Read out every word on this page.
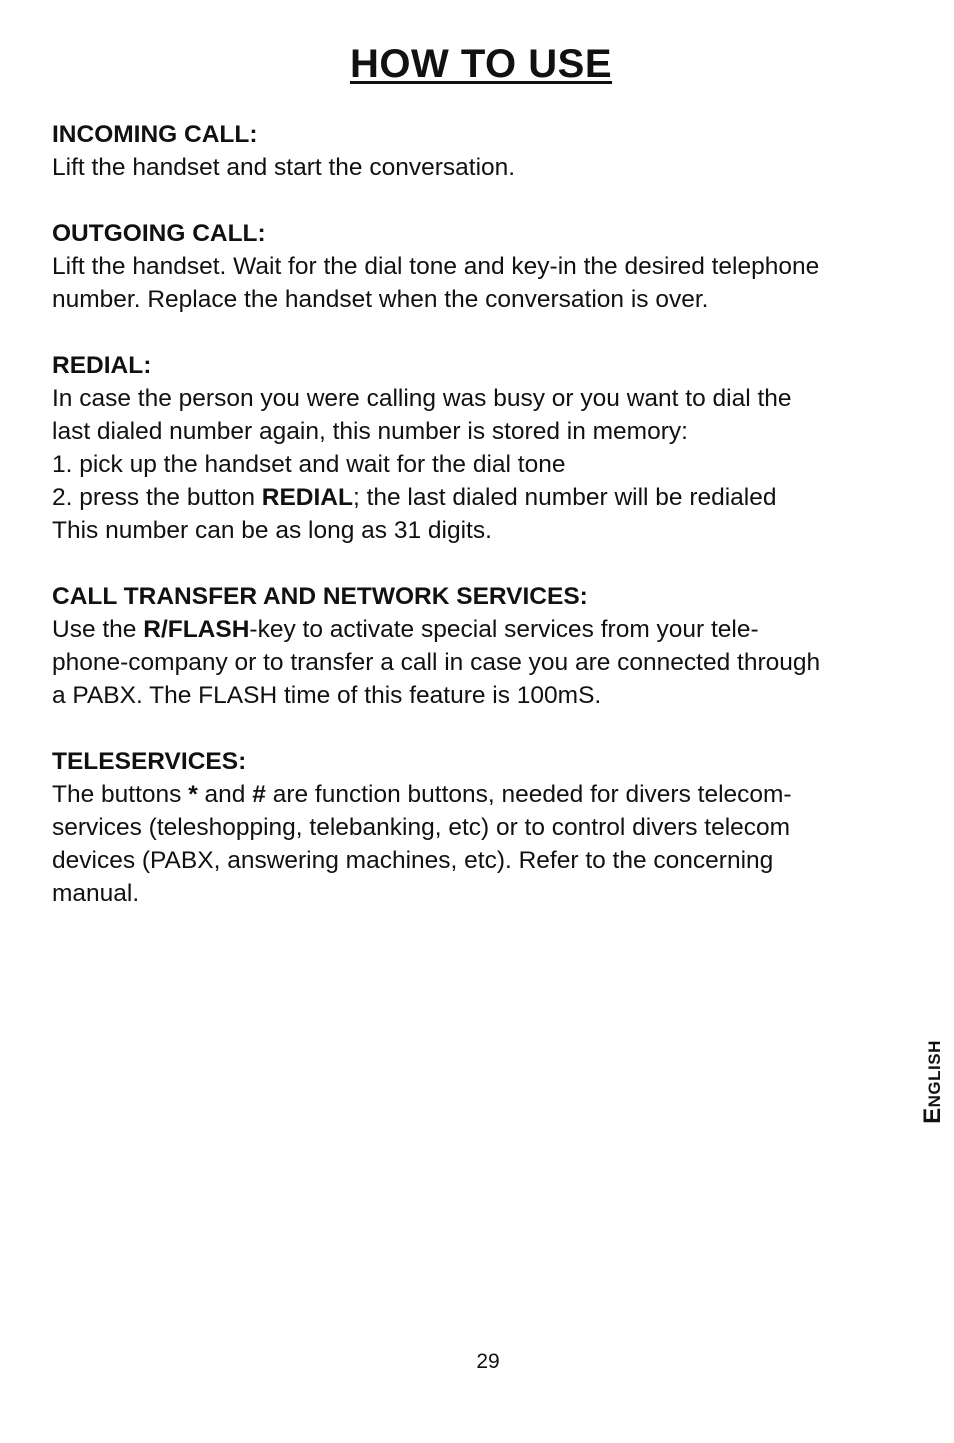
HOW TO USE

INCOMING CALL:

Lift the handset and start the conversation.

OUTGOING CALL:

Lift the handset. Wait for the dial tone and key-in the desired telephone

number. Replace the handset when the conversation is over.

REDIAL:

In case the person you were calling was busy or you want to dial the

last dialed number again, this number is stored in memory:

1. pick up the handset and wait for the dial tone

2. press the button REDIAL; the last dialed number will be redialed

This number can be as long as 31 digits.

CALL TRANSFER AND NETWORK SERVICES:

Use the R/FLASH-key to activate special services from your tele-

phone-company or to transfer a call in case you are connected through

a PABX. The FLASH time of this feature is 100mS.

TELESERVICES:

The buttons * and # are function buttons, needed for divers telecom-

services (teleshopping, telebanking, etc) or to control divers telecom

devices (PABX, answering machines, etc). Refer to the concerning

manual.

English
29
